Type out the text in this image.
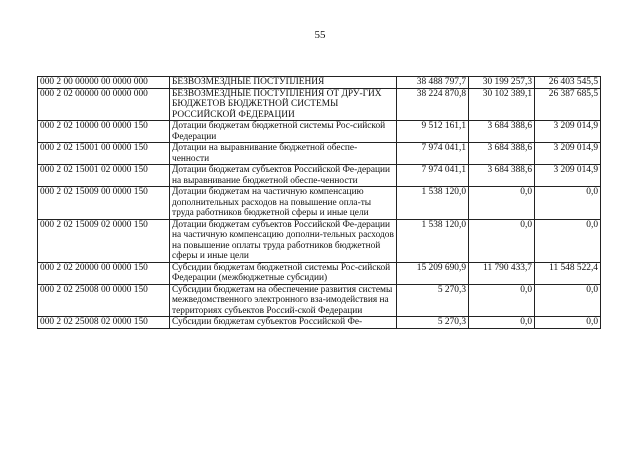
55
000 2 00 00000 00 0000 000	БЕЗВОЗМЕЗДНЫЕ ПОСТУПЛЕНИЯ	38 488 797,7	30 199 257,3	26 403 545,5
000 2 02 00000 00 0000 000	БЕЗВОЗМЕЗДНЫЕ ПОСТУПЛЕНИЯ ОТ ДРУ-ГИХ БЮДЖЕТОВ БЮДЖЕТНОЙ СИСТЕМЫ РОССИЙСКОЙ ФЕДЕРАЦИИ	38 224 870,8	30 102 389,1	26 387 685,5
000 2 02 10000 00 0000 150	Дотации бюджетам бюджетной системы Рос-сийской Федерации	9 512 161,1	3 684 388,6	3 209 014,9
000 2 02 15001 00 0000 150	Дотации на выравнивание бюджетной обеспе-ченности	7 974 041,1	3 684 388,6	3 209 014,9
000 2 02 15001 02 0000 150	Дотации бюджетам субъектов Российской Фе-дерации на выравнивание бюджетной обеспе-ченности	7 974 041,1	3 684 388,6	3 209 014,9
000 2 02 15009 00 0000 150	Дотации бюджетам на частичную компенсацию дополнительных расходов на повышение опла-ты труда работников бюджетной сферы и иные цели	1 538 120,0	0,0	0,0
000 2 02 15009 02 0000 150	Дотации бюджетам субъектов Российской Фе-дерации на частичную компенсацию дополни-тельных расходов на повышение оплаты труда работников бюджетной сферы и иные цели	1 538 120,0	0,0	0,0
000 2 02 20000 00 0000 150	Субсидии бюджетам бюджетной системы Рос-сийской Федерации (межбюджетные субсидии)	15 209 690,9	11 790 433,7	11 548 522,4
000 2 02 25008 00 0000 150	Субсидии бюджетам на обеспечение развития системы межведомственного электронного вза-имодействия на территориях субъектов Россий-ской Федерации	5 270,3	0,0	0,0
000 2 02 25008 02 0000 150	Субсидии бюджетам субъектов Российской Фе-	5 270,3	0,0	0,0
